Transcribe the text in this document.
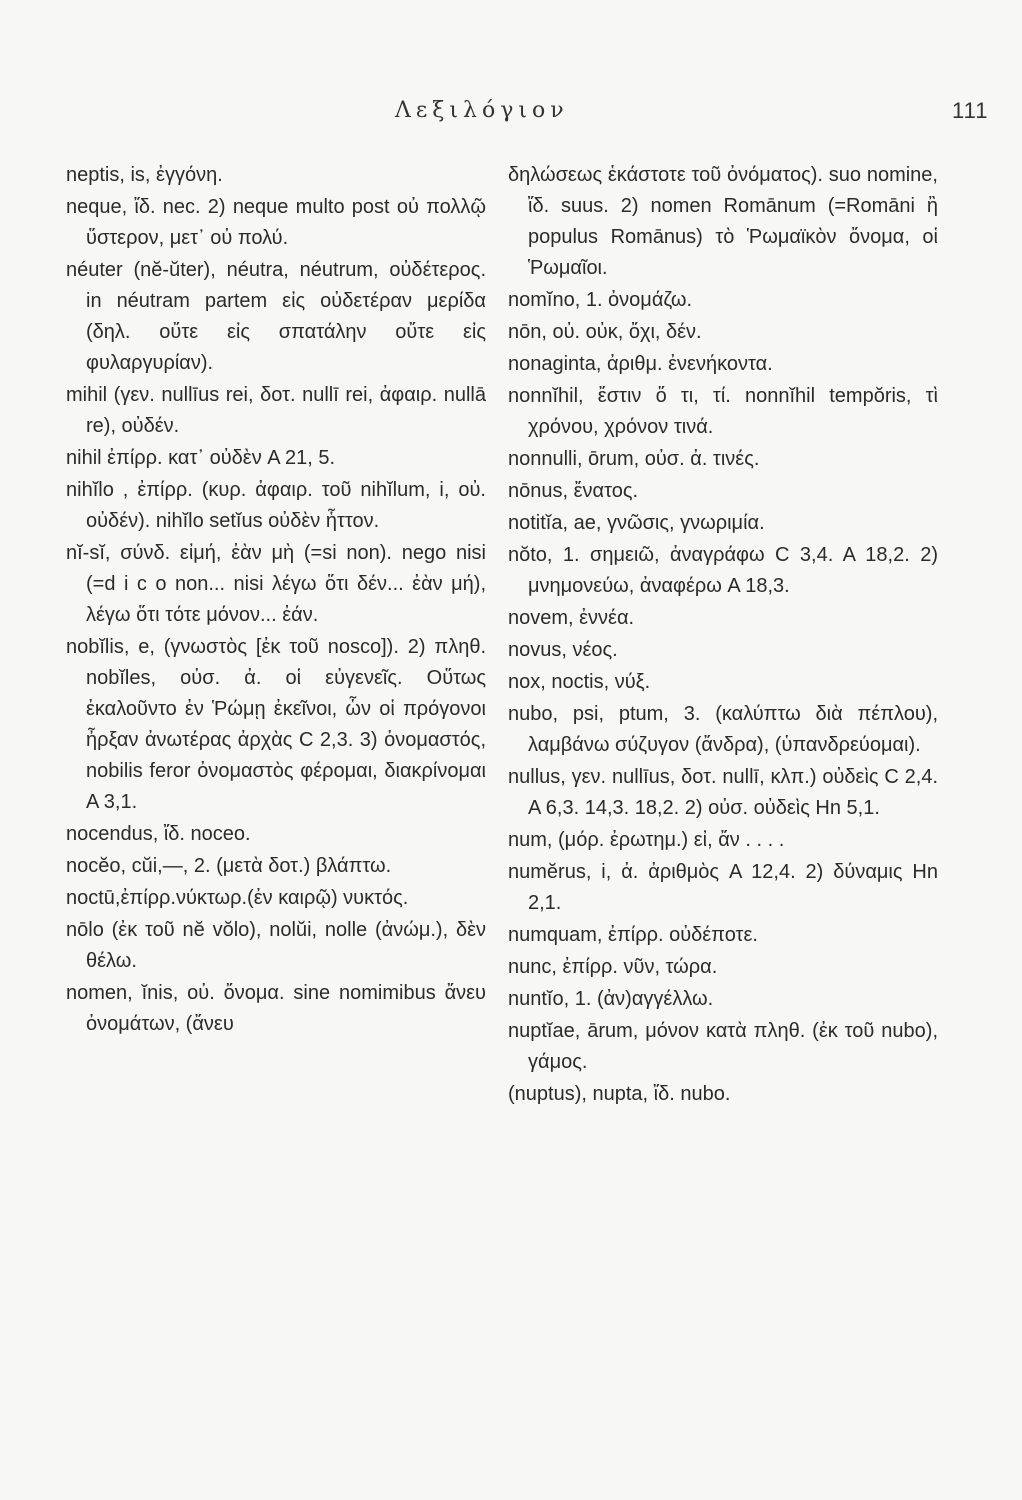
Λεξιλόγιον	111

neptis, is, ἐγγόνη.

neque, ἴδ. nec. 2) neque multo post οὐ πολλῷ ὕστερον, μετ᾽ οὐ πολύ.

néuter (nĕ-ŭter), néutra, néutrum, οὐδέτερος. in néutram partem εἰς οὐδετέραν μερίδα (δηλ. οὔτε εἰς σπατάλην οὔτε εἰς φυλαργυρίαν).

mihil (γεν. nullīus rei, δοτ. nullī rei, ἀφαιρ. nullā re), οὐδέν.

nihil ἐπίρρ. κατ᾽ οὐδὲν A 21, 5.

nihĭlo , ἐπίρρ. (κυρ. ἀφαιρ. τοῦ nihĭlum, i, οὐ. οὐδέν). nihĭlo setĭus οὐδὲν ἧττον.

nĭ-sĭ, σύνδ. εἰμή, ἐὰν μὴ (=si non). nego nisi (=d i c o non... nisi λέγω ὅτι δέν... ἐὰν μή), λέγω ὅτι τότε μόνον... ἐάν.

nobĭlis, e, (γνωστὸς [ἐκ τοῦ nosco]). 2) πληθ. nobĭles, οὐσ. ἀ. οἱ εὐγενεῖς. Οὕτως ἐκαλοῦντο ἐν Ῥώμῃ ἐκεῖνοι, ὧν οἱ πρόγονοι ἦρξαν ἀνωτέρας ἀρχὰς C 2,3. 3) ὀνομαστός, nobilis feror ὀνομαστὸς φέρομαι, διακρίνομαι A 3,1.

nocendus, ἴδ. noceo.

nocĕo, cŭi,—, 2. (μετὰ δοτ.) βλάπτω.

noctū,ἐπίρρ.νύκτωρ.(ἐν καιρῷ) νυκτός.

nōlo (ἐκ τοῦ nĕ vŏlo), nolŭi, nolle (ἀνώμ.), δὲν θέλω.

nomen, ĭnis, οὐ. ὄνομα. sine nomimibus ἄνευ ὀνομάτων, (ἄνευ

δηλώσεως ἑκάστοτε τοῦ ὀνόματος). suo nomine, ἴδ. suus. 2) nomen Romānum (=Romāni ἢ populus Romānus) τὸ Ῥωμαϊκὸν ὄνομα, οἱ Ῥωμαῖοι.

nomĭno, 1. ὀνομάζω.

nōn, οὐ. οὐκ, ὄχι, δέν.

nonaginta, ἀριθμ. ἐνενήκοντα.

nonnĭhil, ἔστιν ὅ τι, τί. nonnĭhil tempŏris, τὶ χρόνου, χρόνον τινά.

nonnulli, ōrum, οὐσ. ἀ. τινές.

nōnus, ἔνατος.

notitĭa, ae, γνῶσις, γνωριμία.

nŏto, 1. σημειῶ, ἀναγράφω C 3,4. A 18,2. 2) μνημονεύω, ἀναφέρω A 18,3.

novem, ἐννέα.

novus, νέος.

nox, noctis, νύξ.

nubo, psi, ptum, 3. (καλύπτω διὰ πέπλου), λαμβάνω σύζυγον (ἄνδρα), (ὑπανδρεύομαι).

nullus, γεν. nullīus, δοτ. nullī, κλπ.) οὐδεὶς C 2,4. A 6,3. 14,3. 18,2. 2) οὐσ. οὐδεὶς Hn 5,1.

num, (μόρ. ἐρωτημ.) εἰ, ἄν . . . .

numĕrus, i, ἀ. ἀριθμὸς A 12,4. 2) δύναμις Hn 2,1.

numquam, ἐπίρρ. οὐδέποτε.

nunc, ἐπίρρ. νῦν, τώρα.

nuntĭo, 1. (ἀν)αγγέλλω.

nuptĭae, ārum, μόνον κατὰ πληθ. (ἐκ τοῦ nubo), γάμος.

(nuptus), nupta, ἴδ. nubo.
